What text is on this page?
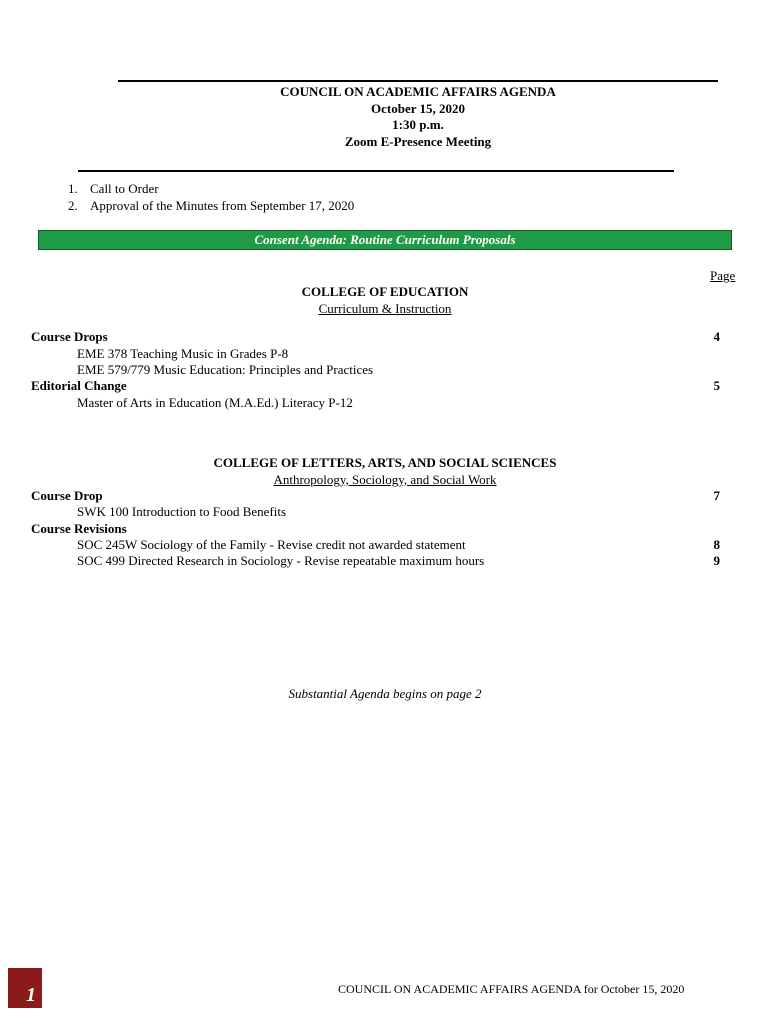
COUNCIL ON ACADEMIC AFFAIRS AGENDA
October 15, 2020
1:30 p.m.
Zoom E-Presence Meeting
1. Call to Order
2. Approval of the Minutes from September 17, 2020
Consent Agenda: Routine Curriculum Proposals
Page
COLLEGE OF EDUCATION
Curriculum & Instruction
Course Drops	4
EME 378 Teaching Music in Grades P-8
EME 579/779 Music Education: Principles and Practices
Editorial Change	5
Master of Arts in Education (M.A.Ed.) Literacy P-12
COLLEGE OF LETTERS, ARTS, AND SOCIAL SCIENCES
Anthropology, Sociology, and Social Work
Course Drop	7
SWK 100 Introduction to Food Benefits
Course Revisions
SOC 245W Sociology of the Family - Revise credit not awarded statement	8
SOC 499 Directed Research in Sociology - Revise repeatable maximum hours	9
Substantial Agenda begins on page 2
1	COUNCIL ON ACADEMIC AFFAIRS AGENDA for October 15, 2020
